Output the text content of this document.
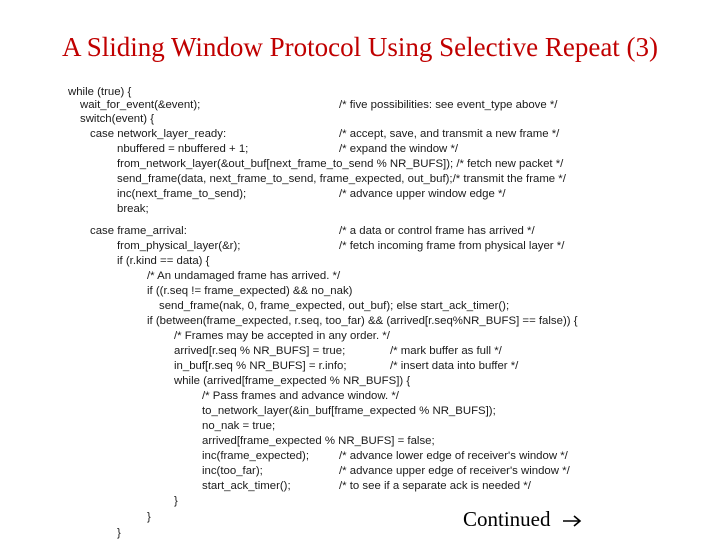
A Sliding Window Protocol Using Selective Repeat (3)
while (true) {
wait_for_event(&event);	/* five possibilities: see event_type above */
switch(event) {
case network_layer_ready:	/* accept, save, and transmit a new frame */
nbuffered = nbuffered + 1;	/* expand the window */
from_network_layer(&out_buf[next_frame_to_send % NR_BUFS]); /* fetch new packet */
send_frame(data, next_frame_to_send, frame_expected, out_buf);/* transmit the frame */
inc(next_frame_to_send);	/* advance upper window edge */
break;
case frame_arrival:	/* a data or control frame has arrived */
from_physical_layer(&r);	/* fetch incoming frame from physical layer */
if (r.kind == data) {
/* An undamaged frame has arrived. */
if ((r.seq != frame_expected) && no_nak)
send_frame(nak, 0, frame_expected, out_buf); else start_ack_timer();
if (between(frame_expected, r.seq, too_far) && (arrived[r.seq%NR_BUFS] == false)) {
/* Frames may be accepted in any order. */
arrived[r.seq % NR_BUFS] = true;	/* mark buffer as full */
in_buf[r.seq % NR_BUFS] = r.info;	/* insert data into buffer */
while (arrived[frame_expected % NR_BUFS]) {
/* Pass frames and advance window. */
to_network_layer(&in_buf[frame_expected % NR_BUFS]);
no_nak = true;
arrived[frame_expected % NR_BUFS] = false;
inc(frame_expected);	/* advance lower edge of receiver's window */
inc(too_far);	/* advance upper edge of receiver's window */
start_ack_timer();	/* to see if a separate ack is needed */
}
}
}
Continued
